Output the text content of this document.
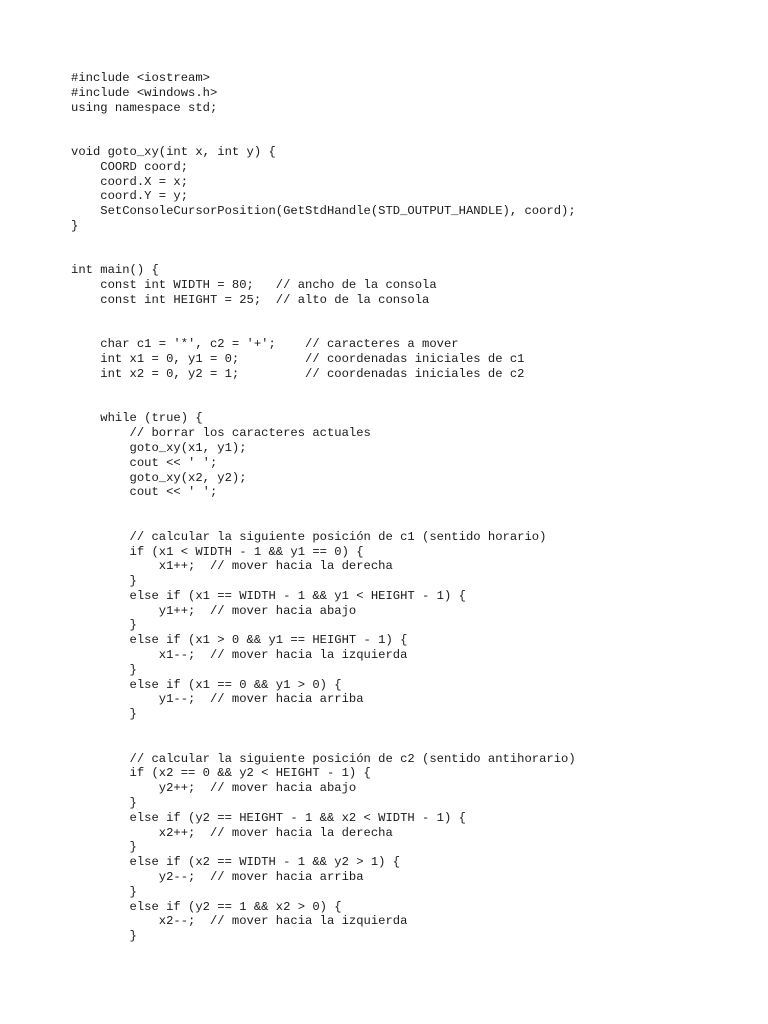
#include <iostream>
#include <windows.h>
using namespace std;
void goto_xy(int x, int y) {
COORD coord;
coord.X = x;
coord.Y = y;
SetConsoleCursorPosition(GetStdHandle(STD_OUTPUT_HANDLE), coord);
}
int main() {
const int WIDTH = 80;   // ancho de la consola
const int HEIGHT = 25;  // alto de la consola
char c1 = '*', c2 = '+';    // caracteres a mover
int x1 = 0, y1 = 0;         // coordenadas iniciales de c1
int x2 = 0, y2 = 1;         // coordenadas iniciales de c2
while (true) {
// borrar los caracteres actuales
goto_xy(x1, y1);
cout << ' ';
goto_xy(x2, y2);
cout << ' ';
// calcular la siguiente posición de c1 (sentido horario)
if (x1 < WIDTH - 1 && y1 == 0) {
x1++;  // mover hacia la derecha
}
else if (x1 == WIDTH - 1 && y1 < HEIGHT - 1) {
y1++;  // mover hacia abajo
}
else if (x1 > 0 && y1 == HEIGHT - 1) {
x1--;  // mover hacia la izquierda
}
else if (x1 == 0 && y1 > 0) {
y1--;  // mover hacia arriba
}
// calcular la siguiente posición de c2 (sentido antihorario)
if (x2 == 0 && y2 < HEIGHT - 1) {
y2++;  // mover hacia abajo
}
else if (y2 == HEIGHT - 1 && x2 < WIDTH - 1) {
x2++;  // mover hacia la derecha
}
else if (x2 == WIDTH - 1 && y2 > 1) {
y2--;  // mover hacia arriba
}
else if (y2 == 1 && x2 > 0) {
x2--;  // mover hacia la izquierda
}
